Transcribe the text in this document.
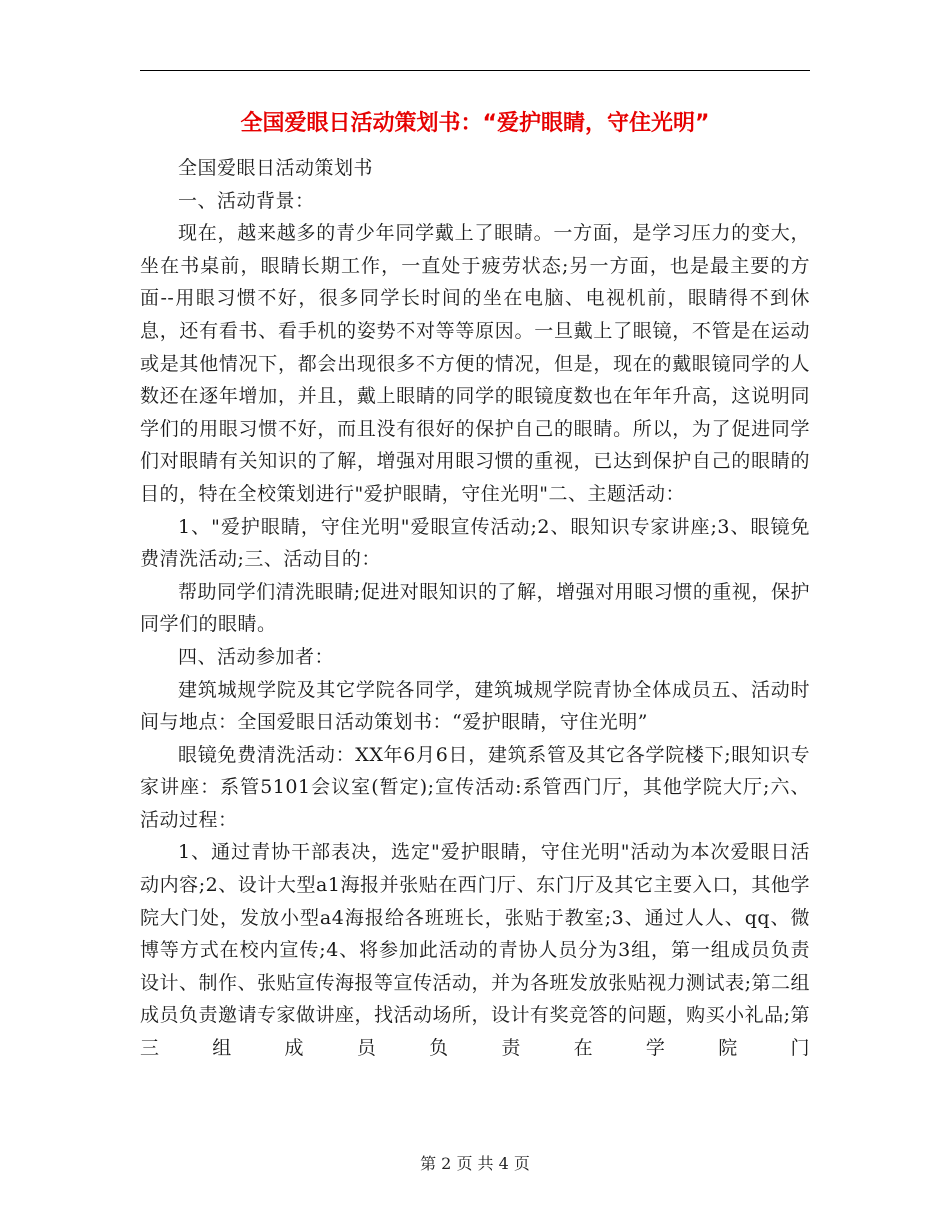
全国爱眼日活动策划书：“爱护眼睛，守住光明”

全国爱眼日活动策划书

一、活动背景：

现在，越来越多的青少年同学戴上了眼睛。一方面，是学习压力的变大，坐在书桌前，眼睛长期工作，一直处于疲劳状态;另一方面，也是最主要的方面--用眼习惯不好，很多同学长时间的坐在电脑、电视机前，眼睛得不到休息，还有看书、看手机的姿势不对等等原因。一旦戴上了眼镜，不管是在运动或是其他情况下，都会出现很多不方便的情况，但是，现在的戴眼镜同学的人数还在逐年增加，并且，戴上眼睛的同学的眼镜度数也在年年升高，这说明同学们的用眼习惯不好，而且没有很好的保护自己的眼睛。所以，为了促进同学们对眼睛有关知识的了解，增强对用眼习惯的重视，已达到保护自己的眼睛的目的，特在全校策划进行"爱护眼睛，守住光明"二、主题活动：

1、"爱护眼睛，守住光明"爱眼宣传活动;2、眼知识专家讲座;3、眼镜免费清洗活动;三、活动目的：

帮助同学们清洗眼睛;促进对眼知识的了解，增强对用眼习惯的重视，保护同学们的眼睛。

四、活动参加者：

建筑城规学院及其它学院各同学，建筑城规学院青协全体成员五、活动时间与地点：全国爱眼日活动策划书：“爱护眼睛，守住光明”

眼镜免费清洗活动：XX年6月6日，建筑系管及其它各学院楼下;眼知识专家讲座：系管5101会议室(暂定);宣传活动:系管西门厅，其他学院大厅;六、活动过程：

1、通过青协干部表决，选定"爱护眼睛，守住光明"活动为本次爱眼日活动内容;2、设计大型a1海报并张贴在西门厅、东门厅及其它主要入口，其他学院大门处，发放小型a4海报给各班班长，张贴于教室;3、通过人人、qq、微博等方式在校内宣传;4、将参加此活动的青协人员分为3组，第一组成员负责设计、制作、张贴宣传海报等宣传活动，并为各班发放张贴视力测试表;第二组成员负责邀请专家做讲座，找活动场所，设计有奖竞答的问题，购买小礼品;第三组成员负责在学院门

第 2 页 共 4 页
